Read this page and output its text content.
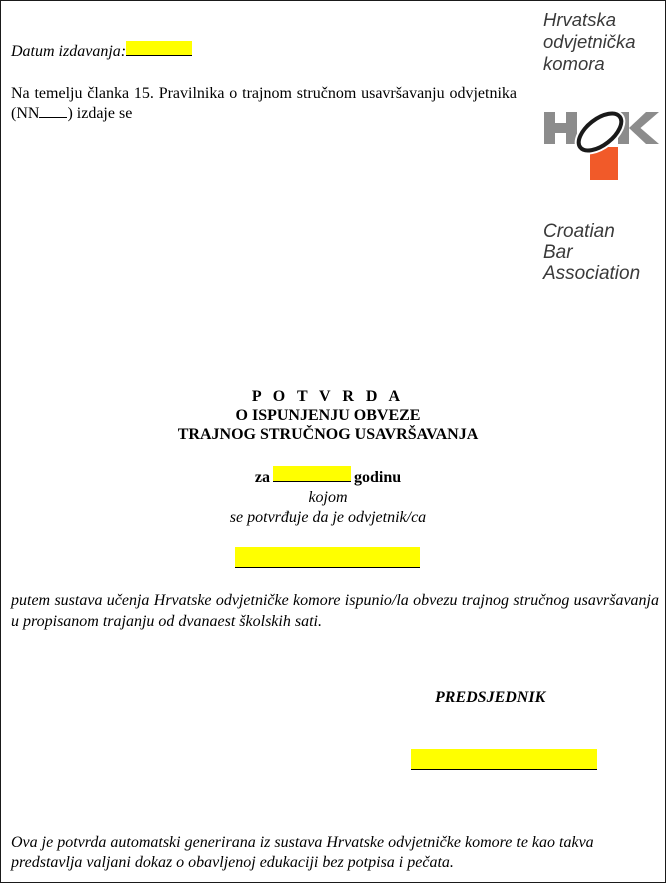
Datum izdavanja:
Na temelju članka 15. Pravilnika o trajnom stručnom usavršavanju odvjetnika (NN ) izdaje se
Hrvatska
odvjetnička
komora
Croatian
Bar
Association
P O T V R D A
O ISPUNJENJU OBVEZE
TRAJNOG STRUČNOG USAVRŠAVANJA
za	godinu
kojom
se potvrđuje da je odvjetnik/ca
putem sustava učenja Hrvatske odvjetničke komore ispunio/la obvezu trajnog stručnog usavršavanja u propisanom trajanju od dvanaest školskih sati.
PREDSJEDNIK
Ova je potvrda automatski generirana iz sustava Hrvatske odvjetničke komore te kao takva predstavlja valjani dokaz o obavljenoj edukaciji bez potpisa i pečata.
